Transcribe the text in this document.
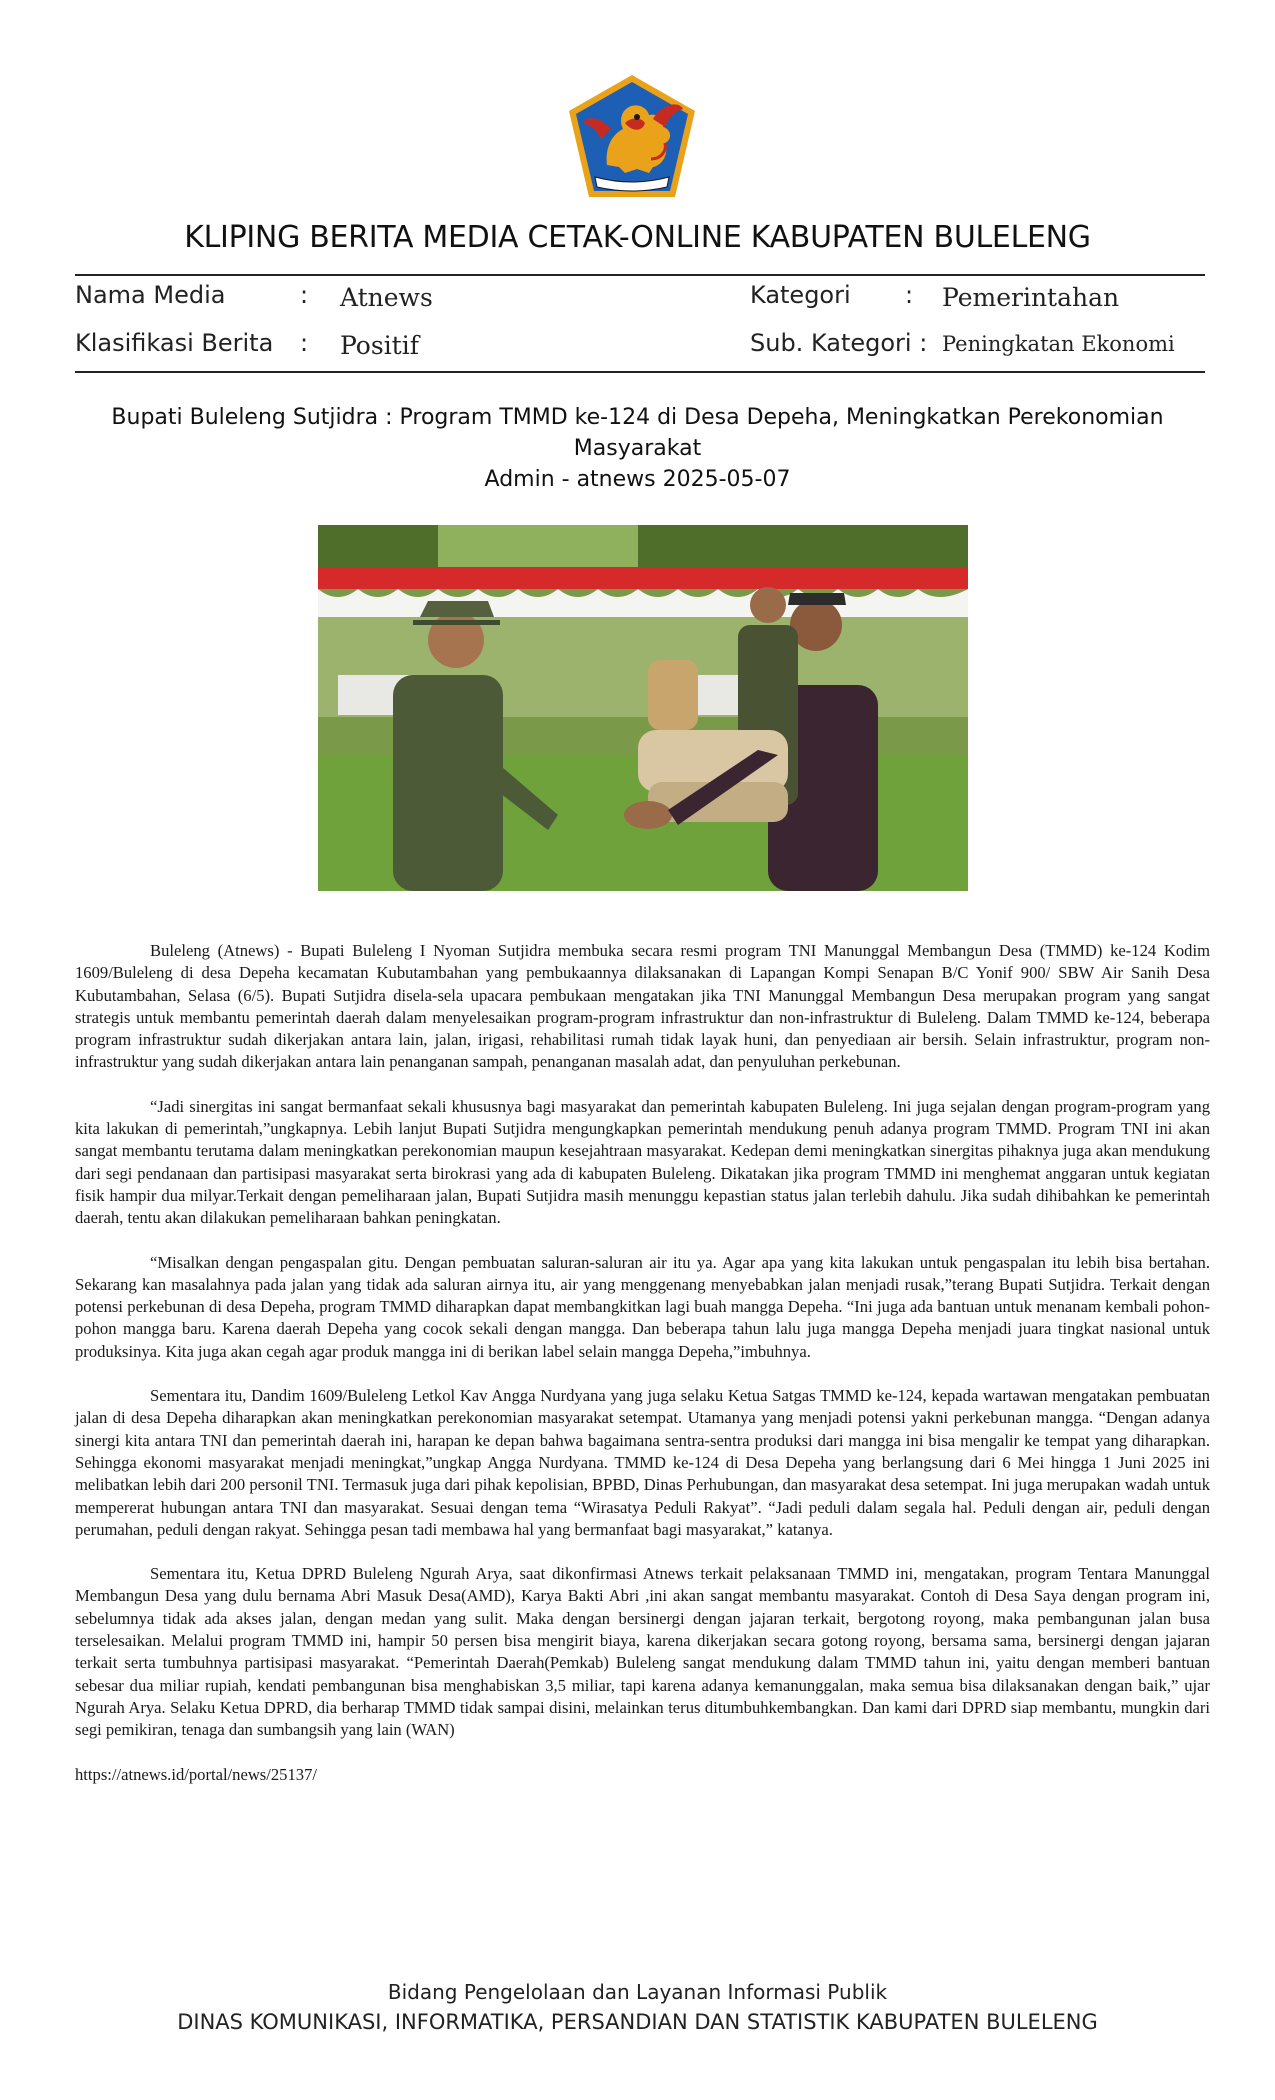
KLIPING BERITA MEDIA CETAK-ONLINE KABUPATEN BULELENG
Nama Media	: Atnews	Kategori : Pemerintahan
Klasifikasi Berita : Positif	Sub. Kategori : Peningkatan Ekonomi
Bupati Buleleng Sutjidra : Program TMMD ke-124 di Desa Depeha, Meningkatkan Perekonomian Masyarakat
Admin - atnews 2025-05-07

Buleleng (Atnews) - Bupati Buleleng I Nyoman Sutjidra membuka secara resmi program TNI Manunggal Membangun Desa (TMMD) ke-124 Kodim 1609/Buleleng di desa Depeha kecamatan Kubutambahan yang pembukaannya dilaksanakan di Lapangan Kompi Senapan B/C Yonif 900/ SBW Air Sanih Desa Kubutambahan, Selasa (6/5). Bupati Sutjidra disela-sela upacara pembukaan mengatakan jika TNI Manunggal Membangun Desa merupakan program yang sangat strategis untuk membantu pemerintah daerah dalam menyelesaikan program-program infrastruktur dan non-infrastruktur di Buleleng. Dalam TMMD ke-124, beberapa program infrastruktur sudah dikerjakan antara lain, jalan, irigasi, rehabilitasi rumah tidak layak huni, dan penyediaan air bersih. Selain infrastruktur, program non-infrastruktur yang sudah dikerjakan antara lain penanganan sampah, penanganan masalah adat, dan penyuluhan perkebunan.

“Jadi sinergitas ini sangat bermanfaat sekali khususnya bagi masyarakat dan pemerintah kabupaten Buleleng. Ini juga sejalan dengan program-program yang kita lakukan di pemerintah,”ungkapnya. Lebih lanjut Bupati Sutjidra mengungkapkan pemerintah mendukung penuh adanya program TMMD. Program TNI ini akan sangat membantu terutama dalam meningkatkan perekonomian maupun kesejahtraan masyarakat. Kedepan demi meningkatkan sinergitas pihaknya juga akan mendukung dari segi pendanaan dan partisipasi masyarakat serta birokrasi yang ada di kabupaten Buleleng. Dikatakan jika program TMMD ini menghemat anggaran untuk kegiatan fisik hampir dua milyar.Terkait dengan pemeliharaan jalan, Bupati Sutjidra masih menunggu kepastian status jalan terlebih dahulu. Jika sudah dihibahkan ke pemerintah daerah, tentu akan dilakukan pemeliharaan bahkan peningkatan.

“Misalkan dengan pengaspalan gitu. Dengan pembuatan saluran-saluran air itu ya. Agar apa yang kita lakukan untuk pengaspalan itu lebih bisa bertahan. Sekarang kan masalahnya pada jalan yang tidak ada saluran airnya itu, air yang menggenang menyebabkan jalan menjadi rusak,”terang Bupati Sutjidra. Terkait dengan potensi perkebunan di desa Depeha, program TMMD diharapkan dapat membangkitkan lagi buah mangga Depeha. “Ini juga ada bantuan untuk menanam kembali pohon-pohon mangga baru. Karena daerah Depeha yang cocok sekali dengan mangga. Dan beberapa tahun lalu juga mangga Depeha menjadi juara tingkat nasional untuk produksinya. Kita juga akan cegah agar produk mangga ini di berikan label selain mangga Depeha,”imbuhnya.

Sementara itu, Dandim 1609/Buleleng Letkol Kav Angga Nurdyana yang juga selaku Ketua Satgas TMMD ke-124, kepada wartawan mengatakan pembuatan jalan di desa Depeha diharapkan akan meningkatkan perekonomian masyarakat setempat. Utamanya yang menjadi potensi yakni perkebunan mangga. “Dengan adanya sinergi kita antara TNI dan pemerintah daerah ini, harapan ke depan bahwa bagaimana sentra-sentra produksi dari mangga ini bisa mengalir ke tempat yang diharapkan. Sehingga ekonomi masyarakat menjadi meningkat,”ungkap Angga Nurdyana. TMMD ke-124 di Desa Depeha yang berlangsung dari 6 Mei hingga 1 Juni 2025 ini melibatkan lebih dari 200 personil TNI. Termasuk juga dari pihak kepolisian, BPBD, Dinas Perhubungan, dan masyarakat desa setempat. Ini juga merupakan wadah untuk mempererat hubungan antara TNI dan masyarakat. Sesuai dengan tema “Wirasatya Peduli Rakyat”. “Jadi peduli dalam segala hal. Peduli dengan air, peduli dengan perumahan, peduli dengan rakyat. Sehingga pesan tadi membawa hal yang bermanfaat bagi masyarakat,” katanya.

Sementara itu, Ketua DPRD Buleleng Ngurah Arya, saat dikonfirmasi Atnews terkait pelaksanaan TMMD ini, mengatakan, program Tentara Manunggal Membangun Desa yang dulu bernama Abri Masuk Desa(AMD), Karya Bakti Abri ,ini akan sangat membantu masyarakat. Contoh di Desa Saya dengan program ini, sebelumnya tidak ada akses jalan, dengan medan yang sulit. Maka dengan bersinergi dengan jajaran terkait, bergotong royong, maka pembangunan jalan busa terselesaikan. Melalui program TMMD ini, hampir 50 persen bisa mengirit biaya, karena dikerjakan secara gotong royong, bersama sama, bersinergi dengan jajaran terkait serta tumbuhnya partisipasi masyarakat. “Pemerintah Daerah(Pemkab) Buleleng sangat mendukung dalam TMMD tahun ini, yaitu dengan memberi bantuan sebesar dua miliar rupiah, kendati pembangunan bisa menghabiskan 3,5 miliar, tapi karena adanya kemanunggalan, maka semua bisa dilaksanakan dengan baik,” ujar Ngurah Arya. Selaku Ketua DPRD, dia berharap TMMD tidak sampai disini, melainkan terus ditumbuhkembangkan. Dan kami dari DPRD siap membantu, mungkin dari segi pemikiran, tenaga dan sumbangsih yang lain (WAN)

https://atnews.id/portal/news/25137/

Bidang Pengelolaan dan Layanan Informasi Publik
DINAS KOMUNIKASI, INFORMATIKA, PERSANDIAN DAN STATISTIK KABUPATEN BULELENG
